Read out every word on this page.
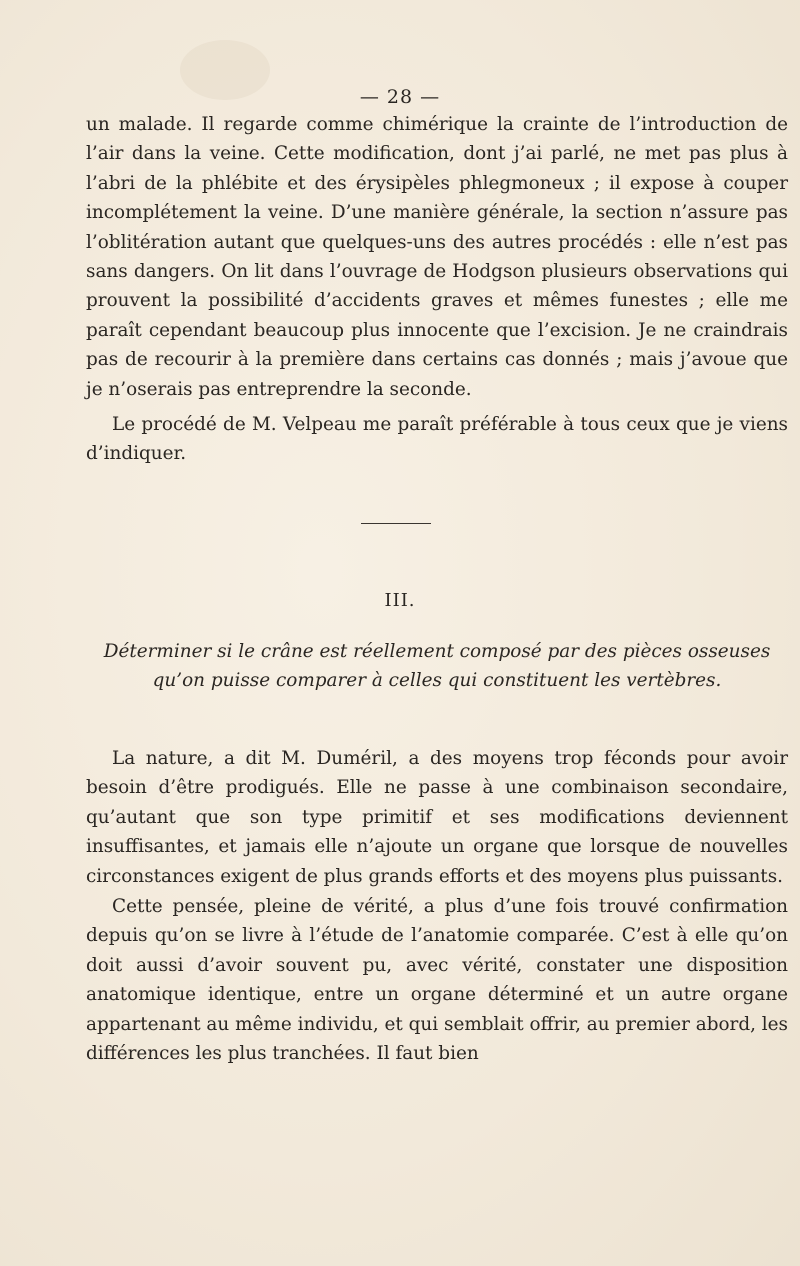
— 28 —

un malade. Il regarde comme chimérique la crainte de l’introduction de l’air dans la veine. Cette modification, dont j’ai parlé, ne met pas plus à l’abri de la phlébite et des érysipèles phlegmoneux ; il expose à couper incomplétement la veine. D’une manière générale, la section n’assure pas l’oblitération autant que quelques-uns des autres procédés : elle n’est pas sans dangers. On lit dans l’ouvrage de Hodgson plusieurs observations qui prouvent la possibilité d’accidents graves et mêmes funestes ; elle me paraît cependant beaucoup plus innocente que l’excision. Je ne craindrais pas de recourir à la première dans certains cas donnés ; mais j’avoue que je n’oserais pas entreprendre la seconde.

Le procédé de M. Velpeau me paraît préférable à tous ceux que je viens d’indiquer.

III.
Déterminer si le crâne est réellement composé par des pièces osseuses
qu’on puisse comparer à celles qui constituent les vertèbres.

La nature, a dit M. Duméril, a des moyens trop féconds pour avoir besoin d’être prodigués. Elle ne passe à une combinaison secondaire, qu’autant que son type primitif et ses modifications deviennent insuffisantes, et jamais elle n’ajoute un organe que lorsque de nouvelles circonstances exigent de plus grands efforts et des moyens plus puissants.

Cette pensée, pleine de vérité, a plus d’une fois trouvé confirmation depuis qu’on se livre à l’étude de l’anatomie comparée. C’est à elle qu’on doit aussi d’avoir souvent pu, avec vérité, constater une disposition anatomique identique, entre un organe déterminé et un autre organe appartenant au même individu, et qui semblait offrir, au premier abord, les différences les plus tranchées. Il faut bien
